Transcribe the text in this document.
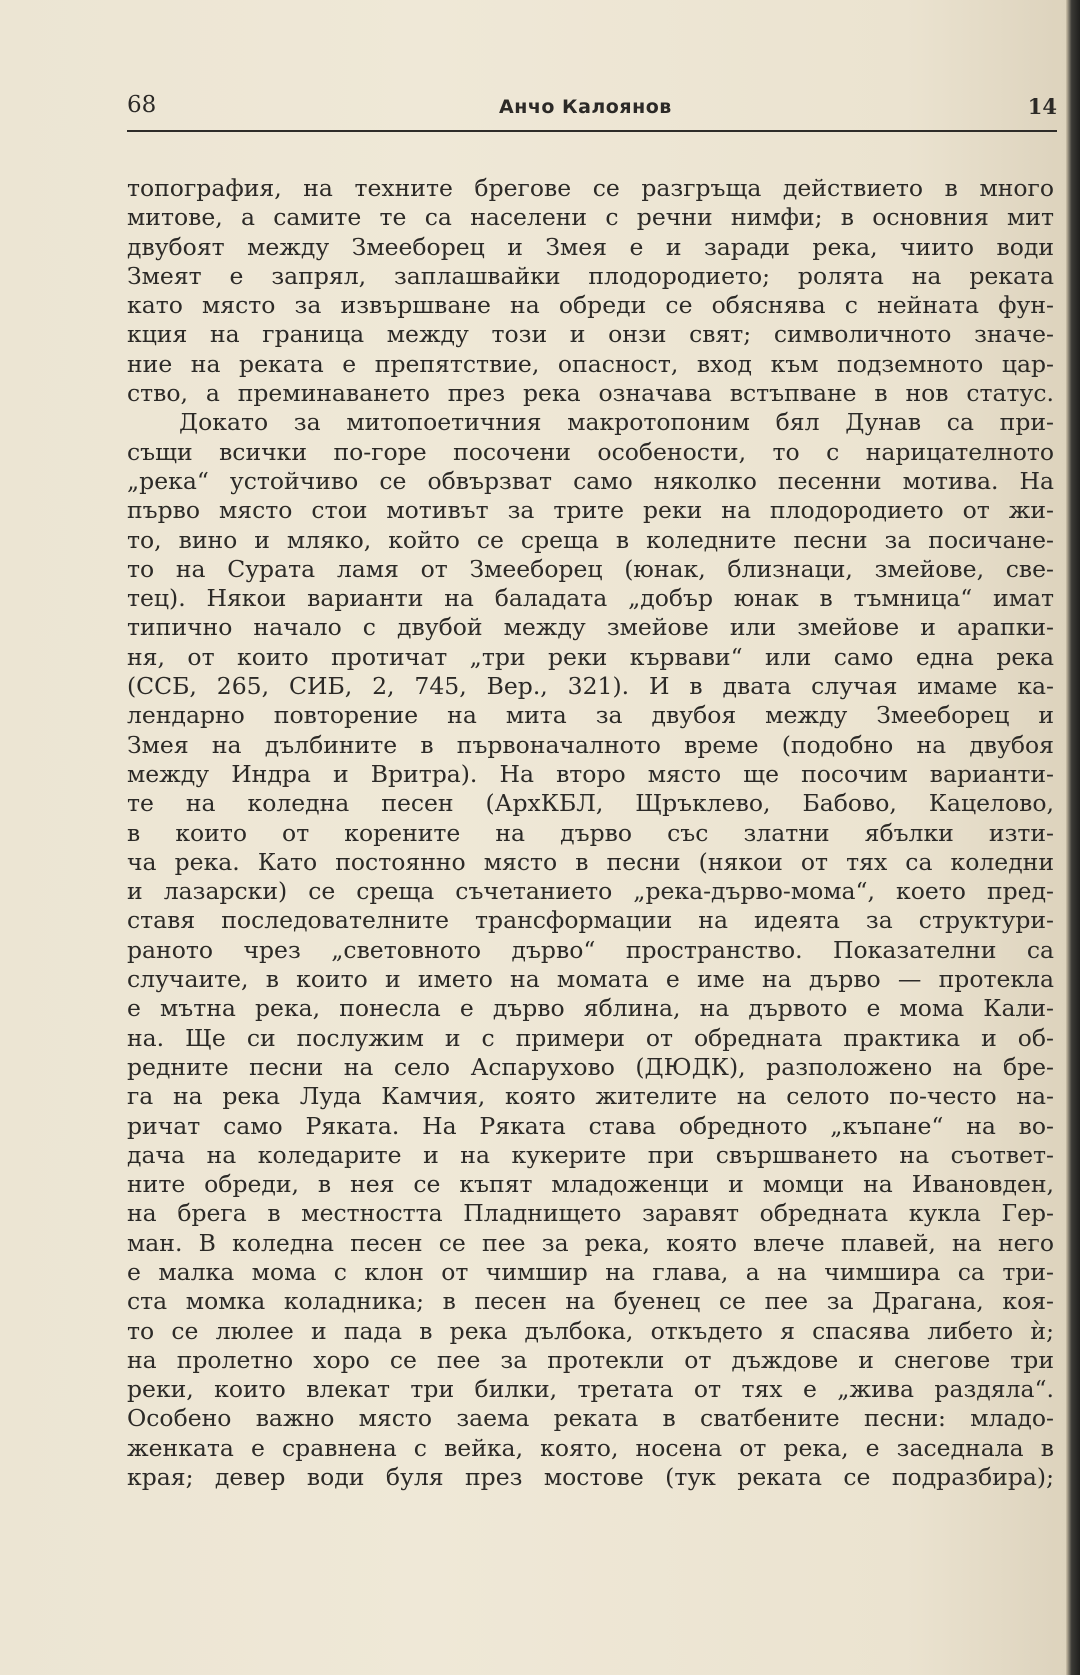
68	Анчо Калоянов	14
топография, на техните брегове се разгръща действието в много
митове, а самите те са населени с речни нимфи; в основния мит
двубоят между Змееборец и Змея е и заради река, чиито води
Змеят е запрял, заплашвайки плодородието; ролята на реката
като място за извършване на обреди се обяснява с нейната фун-
кция на граница между този и онзи свят; символичното значе-
ние на реката е препятствие, опасност, вход към подземното цар-
ство, а преминаването през река означава встъпване в нов статус.
Докато за митопоетичния макротопоним бял Дунав са при-
същи всички по-горе посочени особености, то с нарицателното
„река“ устойчиво се обвързват само няколко песенни мотива. На
първо място стои мотивът за трите реки на плодородието от жи-
то, вино и мляко, който се среща в коледните песни за посичане-
то на Сурата ламя от Змееборец (юнак, близнаци, змейове, све-
тец). Някои варианти на баладата „добър юнак в тъмница“ имат
типично начало с двубой между змейове или змейове и арапки-
ня, от които протичат „три реки кървави“ или само една река
(ССБ, 265, СИБ, 2, 745, Вер., 321). И в двата случая имаме ка-
лендарно повторение на мита за двубоя между Змееборец и
Змея на дълбините в първоначалното време (подобно на двубоя
между Индра и Вритра). На второ място ще посочим варианти-
те на коледна песен (АрхКБЛ, Щръклево, Бабово, Кацелово,
в които от корените на дърво със златни ябълки изти-
ча река. Като постоянно място в песни (някои от тях са коледни
и лазарски) се среща съчетанието „река-дърво-мома“, което пред-
ставя последователните трансформации на идеята за структури-
раното чрез „световното дърво“ пространство. Показателни са
случаите, в които и името на момата е име на дърво — протекла
е мътна река, понесла е дърво яблина, на дървото е мома Кали-
на. Ще си послужим и с примери от обредната практика и об-
редните песни на село Аспарухово (ДЮДК), разположено на бре-
га на река Луда Камчия, която жителите на селото по-често на-
ричат само Ряката. На Ряката става обредното „къпане“ на во-
дача на коледарите и на кукерите при свършването на съответ-
ните обреди, в нея се къпят младоженци и момци на Ивановден,
на брега в местността Пладнището заравят обредната кукла Гер-
ман. В коледна песен се пее за река, която влече плавей, на него
е малка мома с клон от чимшир на глава, а на чимшира са три-
ста момка коладника; в песен на буенец се пее за Драгана, коя-
то се люлее и пада в река дълбока, откъдето я спасява либето ѝ;
на пролетно хоро се пее за протекли от дъждове и снегове три
реки, които влекат три билки, третата от тях е „жива раздяла“.
Особено важно място заема реката в сватбените песни: младо-
женката е сравнена с вейка, която, носена от река, е заседнала в
края; девер води буля през мостове (тук реката се подразбира);
